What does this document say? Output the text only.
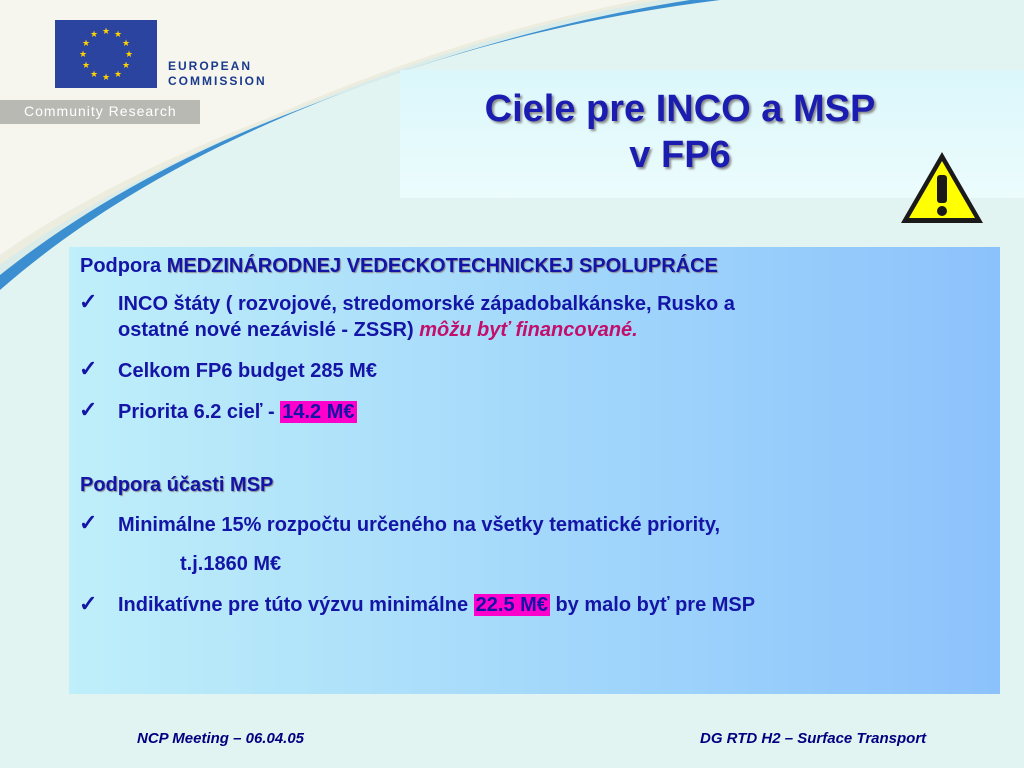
★ ★
★
★
★
★
★
★
★
★
★
★
EUROPEAN
COMMISSION
Community Research	Ciele pre INCO a MSP
v FP6
Podpora MEDZINÁRODNEJ VEDECKOTECHNICKEJ SPOLUPRÁCE
✓ INCO štáty ( rozvojové, stredomorské západobalkánske, Rusko a
ostatné nové nezávislé - ZSSR) môžu byť financované.
✓ Celkom FP6 budget 285 M€
✓ Priorita 6.2 cieľ - 14.2 M€
Podpora účasti MSP
✓ Minimálne 15% rozpočtu určeného na všetky tematické priority,
t.j.1860 M€
✓ Indikatívne pre túto výzvu minimálne 22.5 M€ by malo byť pre MSP
NCP Meeting – 06.04.05	DG RTD H2 – Surface Transport
